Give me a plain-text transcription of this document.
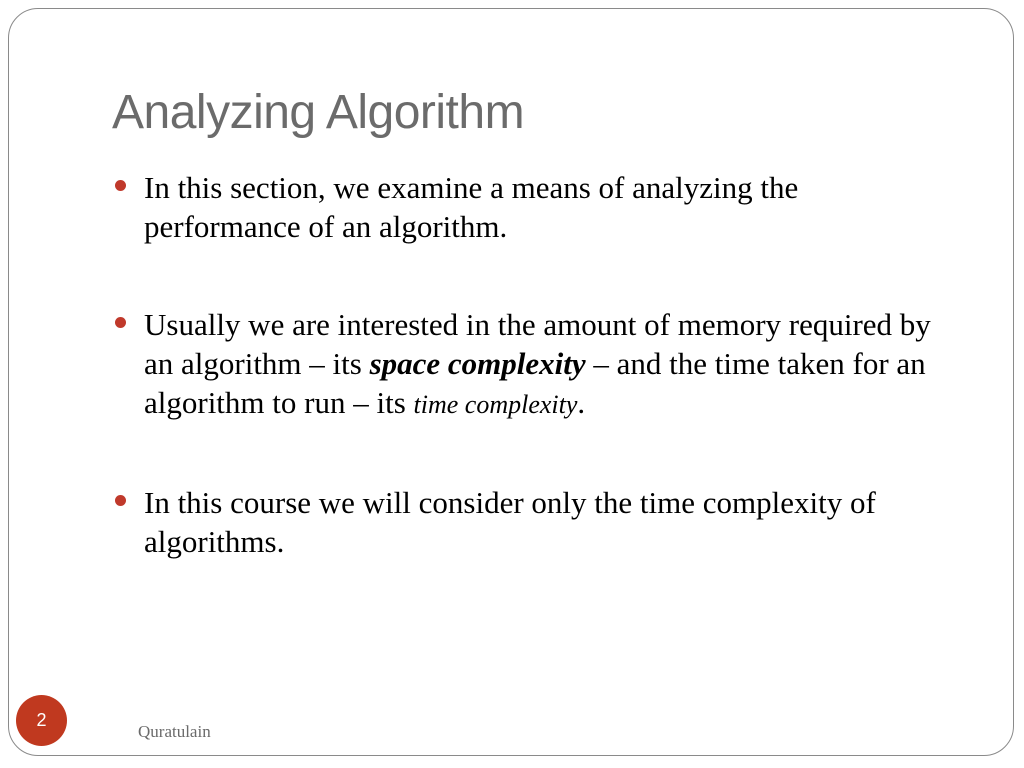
Analyzing Algorithm
In this section, we examine a means of analyzing the performance of an algorithm.
Usually we are interested in the amount of memory required by an algorithm – its space complexity – and the time taken for an algorithm to run – its time complexity.
In this course we will consider only the time complexity of algorithms.
2
Quratulain
